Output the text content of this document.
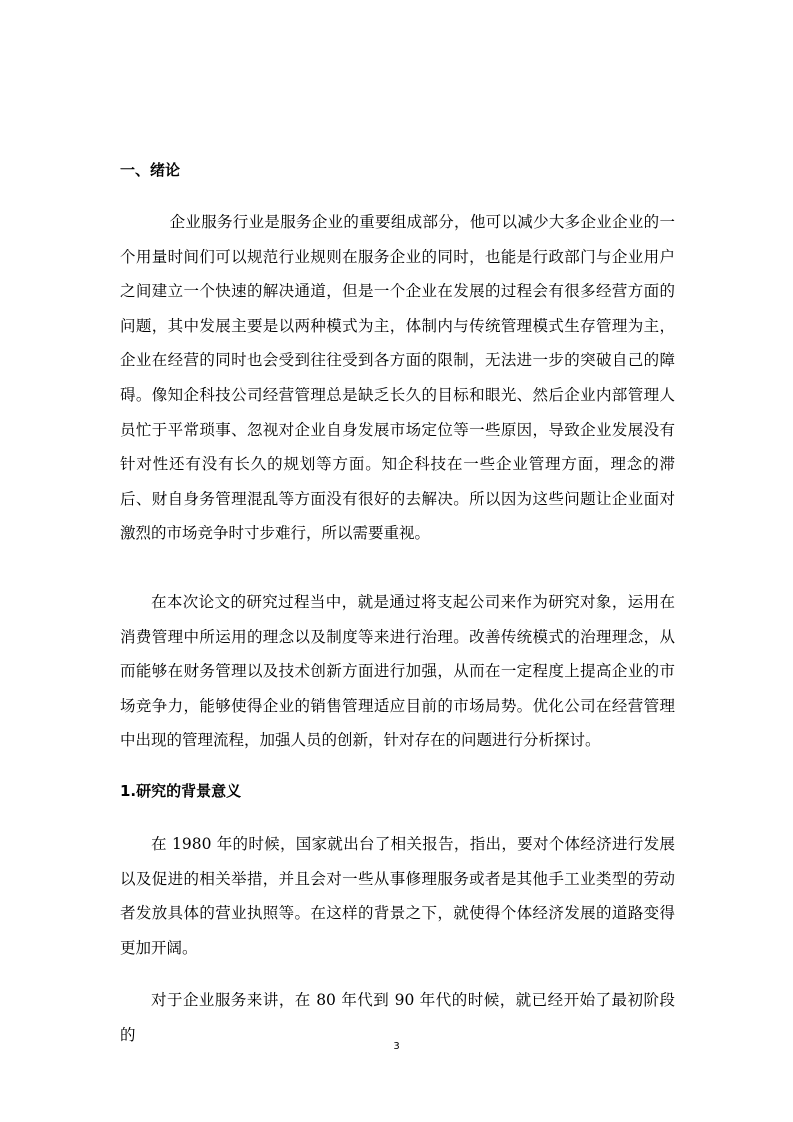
一、绪论

企业服务行业是服务企业的重要组成部分，他可以减少大多企业企业的一个用量时间们可以规范行业规则在服务企业的同时，也能是行政部门与企业用户之间建立一个快速的解决通道，但是一个企业在发展的过程会有很多经营方面的问题，其中发展主要是以两种模式为主，体制内与传统管理模式生存管理为主，企业在经营的同时也会受到往往受到各方面的限制，无法进一步的突破自己的障碍。像知企科技公司经营管理总是缺乏长久的目标和眼光、然后企业内部管理人员忙于平常琐事、忽视对企业自身发展市场定位等一些原因，导致企业发展没有针对性还有没有长久的规划等方面。知企科技在一些企业管理方面，理念的滞后、财自身务管理混乱等方面没有很好的去解决。所以因为这些问题让企业面对激烈的市场竞争时寸步难行，所以需要重视。

在本次论文的研究过程当中，就是通过将支起公司来作为研究对象，运用在消费管理中所运用的理念以及制度等来进行治理。改善传统模式的治理理念，从而能够在财务管理以及技术创新方面进行加强，从而在一定程度上提高企业的市场竞争力，能够使得企业的销售管理适应目前的市场局势。优化公司在经营管理中出现的管理流程，加强人员的创新，针对存在的问题进行分析探讨。

1.研究的背景意义

在 1980 年的时候，国家就出台了相关报告，指出，要对个体经济进行发展以及促进的相关举措，并且会对一些从事修理服务或者是其他手工业类型的劳动者发放具体的营业执照等。在这样的背景之下，就使得个体经济发展的道路变得更加开阔。

对于企业服务来讲，在 80 年代到 90 年代的时候，就已经开始了最初阶段的

3
